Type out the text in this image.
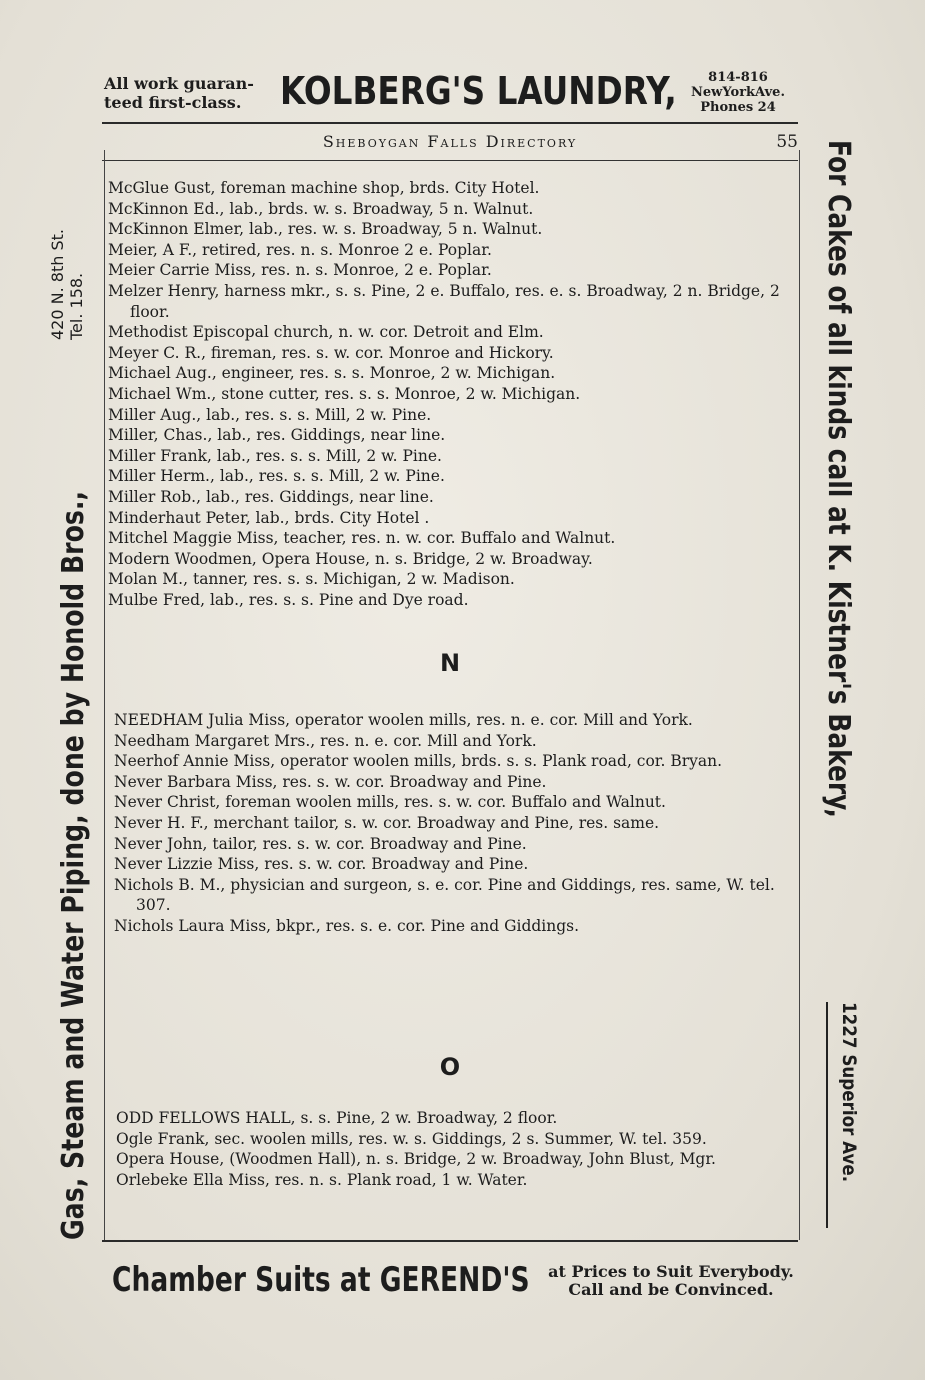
All work guaran-
teed first-class.	KOLBERG'S LAUNDRY,	814-816
NewYorkAve.
Phones 24
Sheboygan Falls Directory	55

McGlue Gust, foreman machine shop, brds. City Hotel.

McKinnon Ed., lab., brds. w. s. Broadway, 5 n. Walnut.

McKinnon Elmer, lab., res. w. s. Broadway, 5 n. Walnut.

Meier, A F., retired, res. n. s. Monroe 2 e. Poplar.

Meier Carrie Miss, res. n. s. Monroe, 2 e. Poplar.

Melzer Henry, harness mkr., s. s. Pine, 2 e. Buffalo, res. e. s. Broadway, 2 n. Bridge, 2 floor.

Methodist Episcopal church, n. w. cor. Detroit and Elm.

Meyer C. R., fireman, res. s. w. cor. Monroe and Hickory.

Michael Aug., engineer, res. s. s. Monroe, 2 w. Michigan.

Michael Wm., stone cutter, res. s. s. Monroe, 2 w. Michigan.

Miller Aug., lab., res. s. s. Mill, 2 w. Pine.

Miller, Chas., lab., res. Giddings, near line.

Miller Frank, lab., res. s. s. Mill, 2 w. Pine.

Miller Herm., lab., res. s. s. Mill, 2 w. Pine.

Miller Rob., lab., res. Giddings, near line.

Minderhaut Peter, lab., brds. City Hotel .

Mitchel Maggie Miss, teacher, res. n. w. cor. Buffalo and Walnut.

Modern Woodmen, Opera House, n. s. Bridge, 2 w. Broadway.

Molan M., tanner, res. s. s. Michigan, 2 w. Madison.

Mulbe Fred, lab., res. s. s. Pine and Dye road.

N

NEEDHAM Julia Miss, operator woolen mills, res. n. e. cor. Mill and York.

Needham Margaret Mrs., res. n. e. cor. Mill and York.

Neerhof Annie Miss, operator woolen mills, brds. s. s. Plank road, cor. Bryan.

Never Barbara Miss, res. s. w. cor. Broadway and Pine.

Never Christ, foreman woolen mills, res. s. w. cor. Buffalo and Walnut.

Never H. F., merchant tailor, s. w. cor. Broadway and Pine, res. same.

Never John, tailor, res. s. w. cor. Broadway and Pine.

Never Lizzie Miss, res. s. w. cor. Broadway and Pine.

Nichols B. M., physician and surgeon, s. e. cor. Pine and Giddings, res. same, W. tel. 307.

Nichols Laura Miss, bkpr., res. s. e. cor. Pine and Giddings.

O

ODD FELLOWS HALL, s. s. Pine, 2 w. Broadway, 2 floor.

Ogle Frank, sec. woolen mills, res. w. s. Giddings, 2 s. Summer, W. tel. 359.

Opera House, (Woodmen Hall), n. s. Bridge, 2 w. Broadway, John Blust, Mgr.

Orlebeke Ella Miss, res. n. s. Plank road, 1 w. Water.

Gas, Steam and Water Piping, done by Honold Bros.,
420 N. 8th St. Tel. 158.	For Cakes of all kinds call at K. Kistner's Bakery,
1227 Superior Ave.
Chamber Suits at GEREND'S	at Prices to Suit Everybody.
Call and be Convinced.
